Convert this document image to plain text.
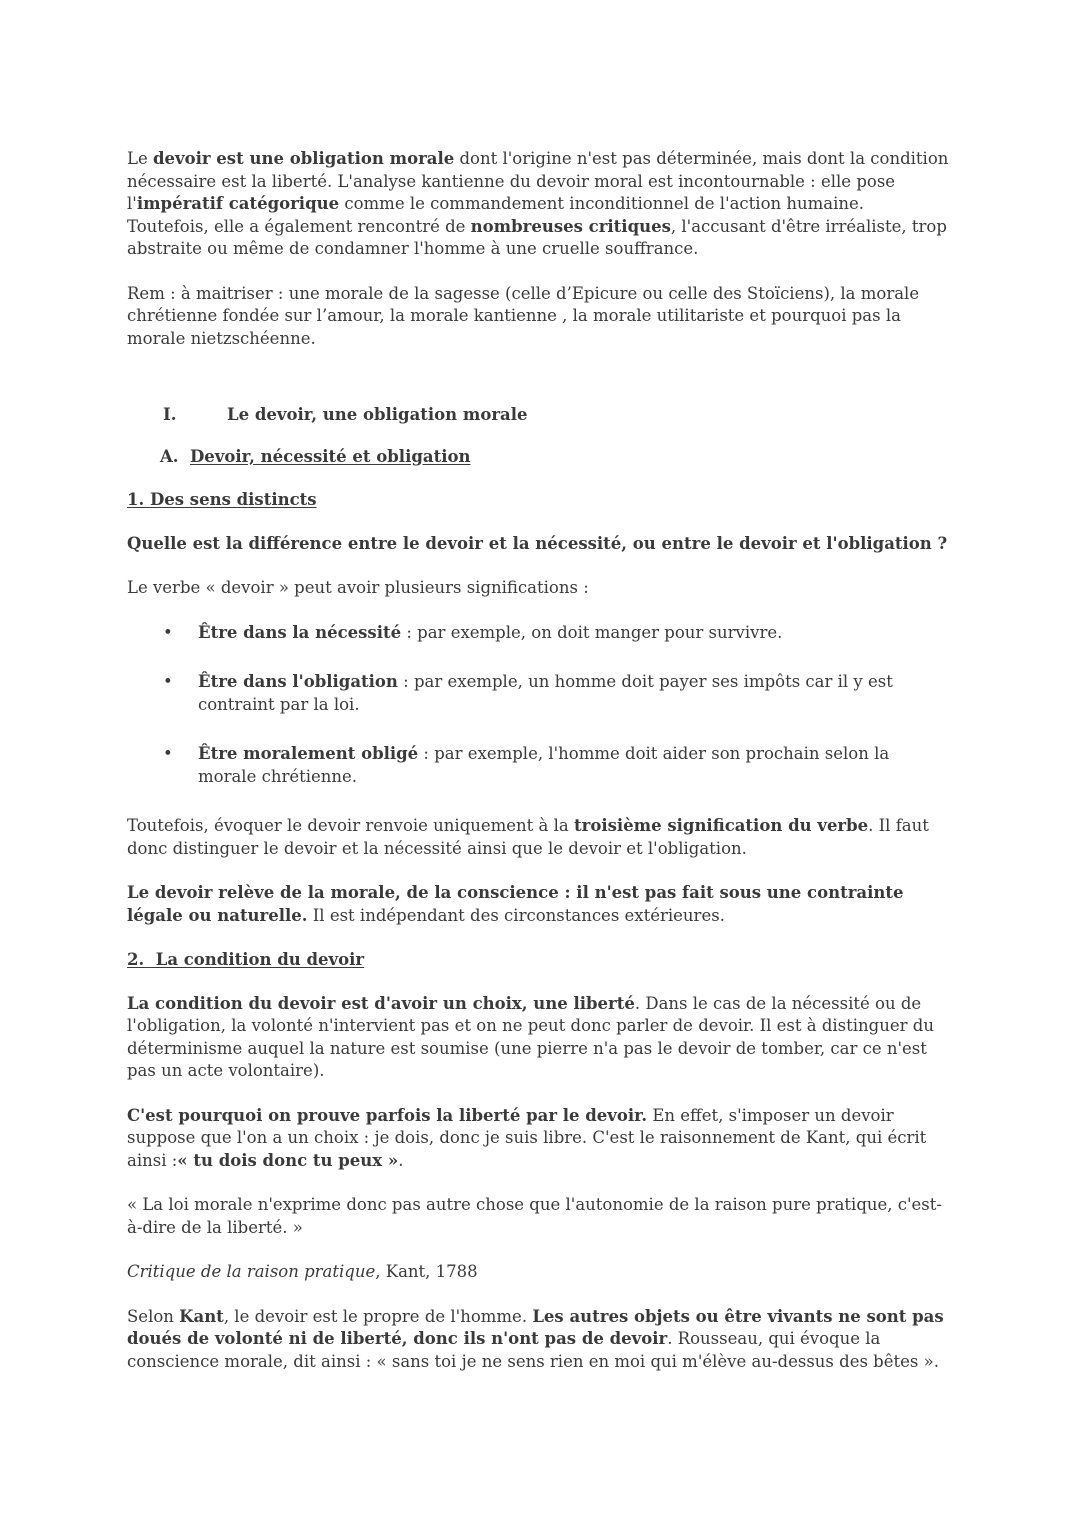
Le devoir est une obligation morale dont l'origine n'est pas déterminée, mais dont la condition nécessaire est la liberté. L'analyse kantienne du devoir moral est incontournable : elle pose l'impératif catégorique comme le commandement inconditionnel de l'action humaine. Toutefois, elle a également rencontré de nombreuses critiques, l'accusant d'être irréaliste, trop abstraite ou même de condamner l'homme à une cruelle souffrance.

Rem : à maitriser : une morale de la sagesse (celle d’Epicure ou celle des Stoïciens), la morale chrétienne fondée sur l’amour, la morale kantienne , la morale utilitariste et pourquoi pas la morale nietzschéenne.

I.	Le devoir, une obligation morale
A. Devoir, nécessité et obligation

1. Des sens distincts

Quelle est la différence entre le devoir et la nécessité, ou entre le devoir et l'obligation ?

Le verbe « devoir » peut avoir plusieurs significations :

•	Être dans la nécessité : par exemple, on doit manger pour survivre.
•	Être dans l'obligation : par exemple, un homme doit payer ses impôts car il y est contraint par la loi.
•	Être moralement obligé : par exemple, l'homme doit aider son prochain selon la morale chrétienne.

Toutefois, évoquer le devoir renvoie uniquement à la troisième signification du verbe. Il faut donc distinguer le devoir et la nécessité ainsi que le devoir et l'obligation.

Le devoir relève de la morale, de la conscience : il n'est pas fait sous une contrainte légale ou naturelle. Il est indépendant des circonstances extérieures.

2.  La condition du devoir

La condition du devoir est d'avoir un choix, une liberté. Dans le cas de la nécessité ou de l'obligation, la volonté n'intervient pas et on ne peut donc parler de devoir. Il est à distinguer du déterminisme auquel la nature est soumise (une pierre n'a pas le devoir de tomber, car ce n'est pas un acte volontaire).

C'est pourquoi on prouve parfois la liberté par le devoir. En effet, s'imposer un devoir suppose que l'on a un choix : je dois, donc je suis libre. C'est le raisonnement de Kant, qui écrit ainsi :« tu dois donc tu peux ».

« La loi morale n'exprime donc pas autre chose que l'autonomie de la raison pure pratique, c'est-à-dire de la liberté. »

Critique de la raison pratique, Kant, 1788

Selon Kant, le devoir est le propre de l'homme. Les autres objets ou être vivants ne sont pas doués de volonté ni de liberté, donc ils n'ont pas de devoir. Rousseau, qui évoque la conscience morale, dit ainsi : « sans toi je ne sens rien en moi qui m'élève au-dessus des bêtes ».
